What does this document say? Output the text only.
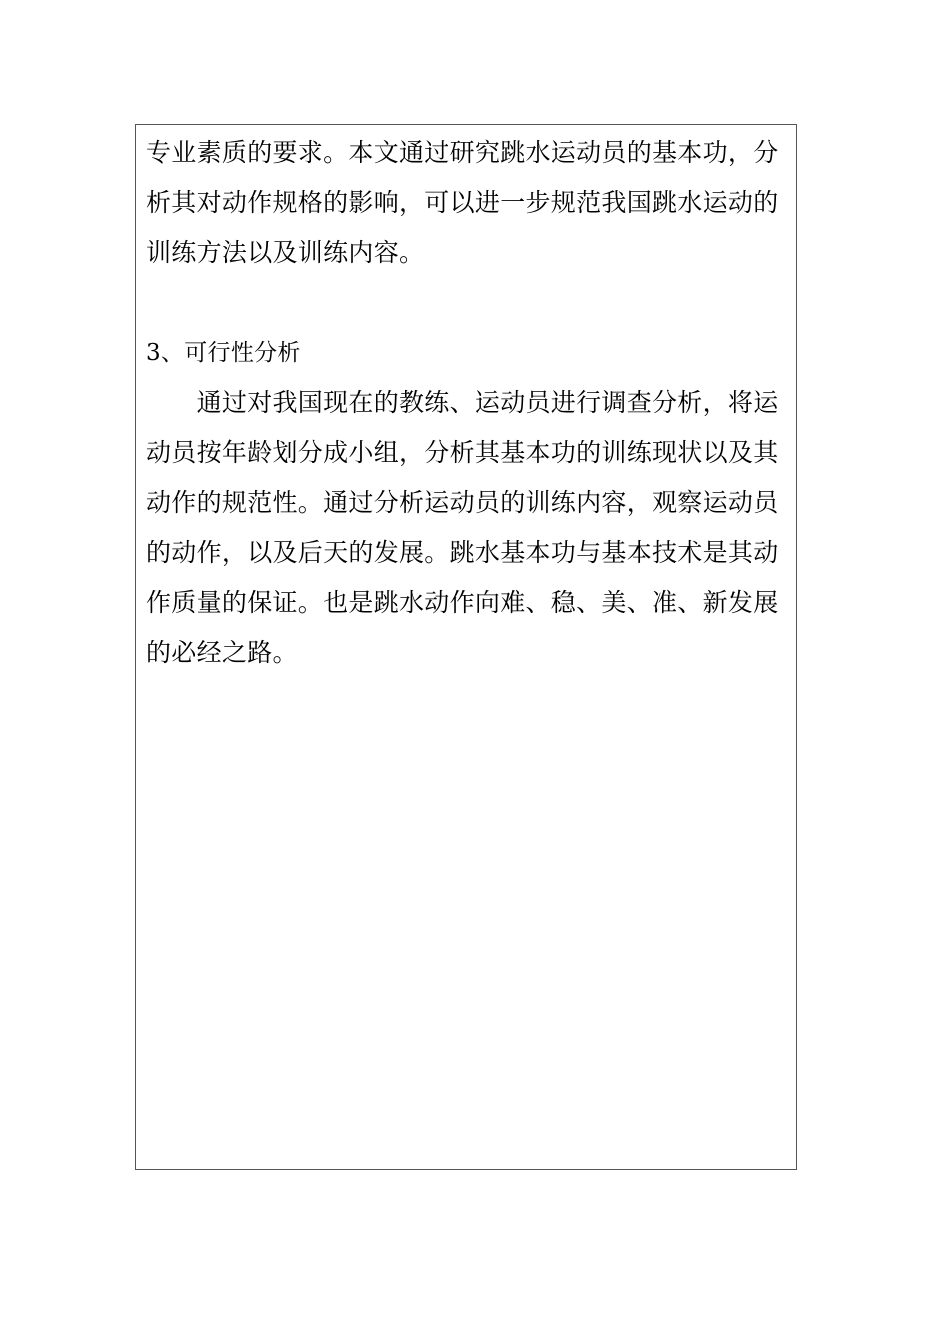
专业素质的要求。本文通过研究跳水运动员的基本功，分
析其对动作规格的影响，可以进一步规范我国跳水运动的
训练方法以及训练内容。
3、可行性分析
　　通过对我国现在的教练、运动员进行调查分析，将运
动员按年龄划分成小组，分析其基本功的训练现状以及其
动作的规范性。通过分析运动员的训练内容，观察运动员
的动作，以及后天的发展。跳水基本功与基本技术是其动
作质量的保证。也是跳水动作向难、稳、美、准、新发展
的必经之路。
